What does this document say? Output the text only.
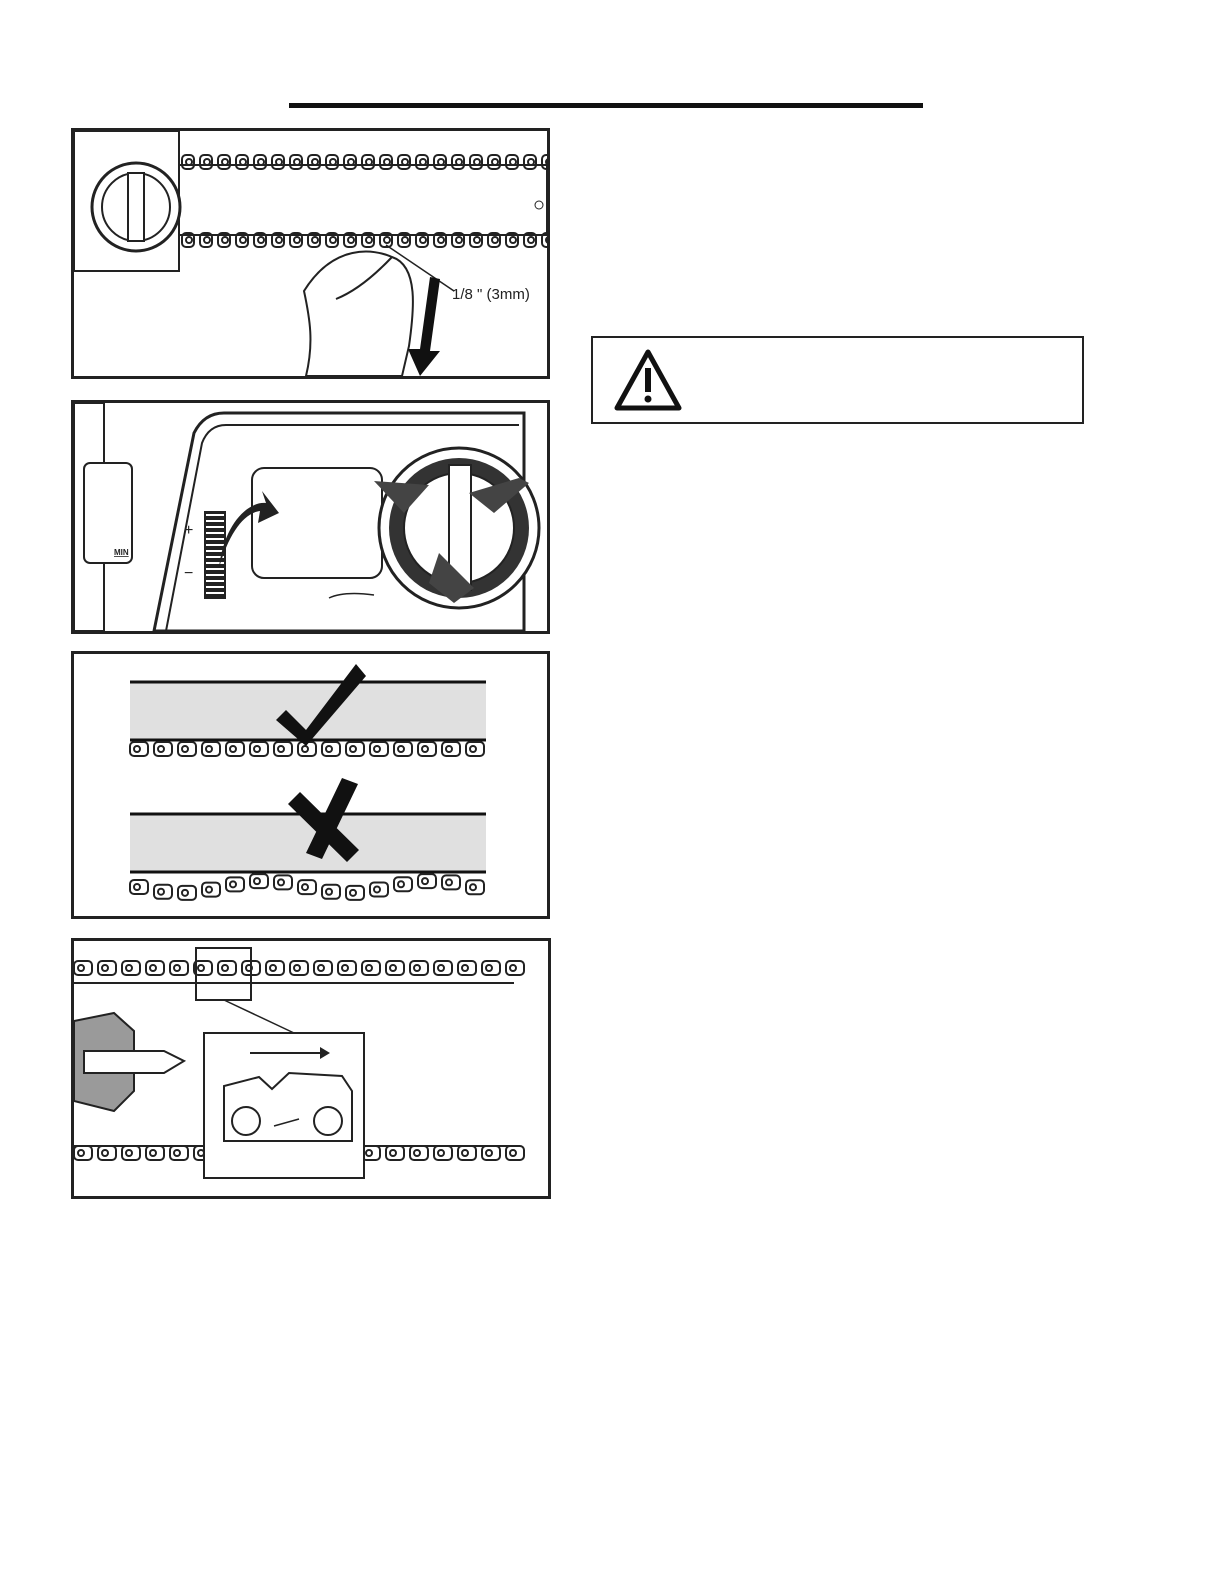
1/8 " (3mm)
MIN
+
−
